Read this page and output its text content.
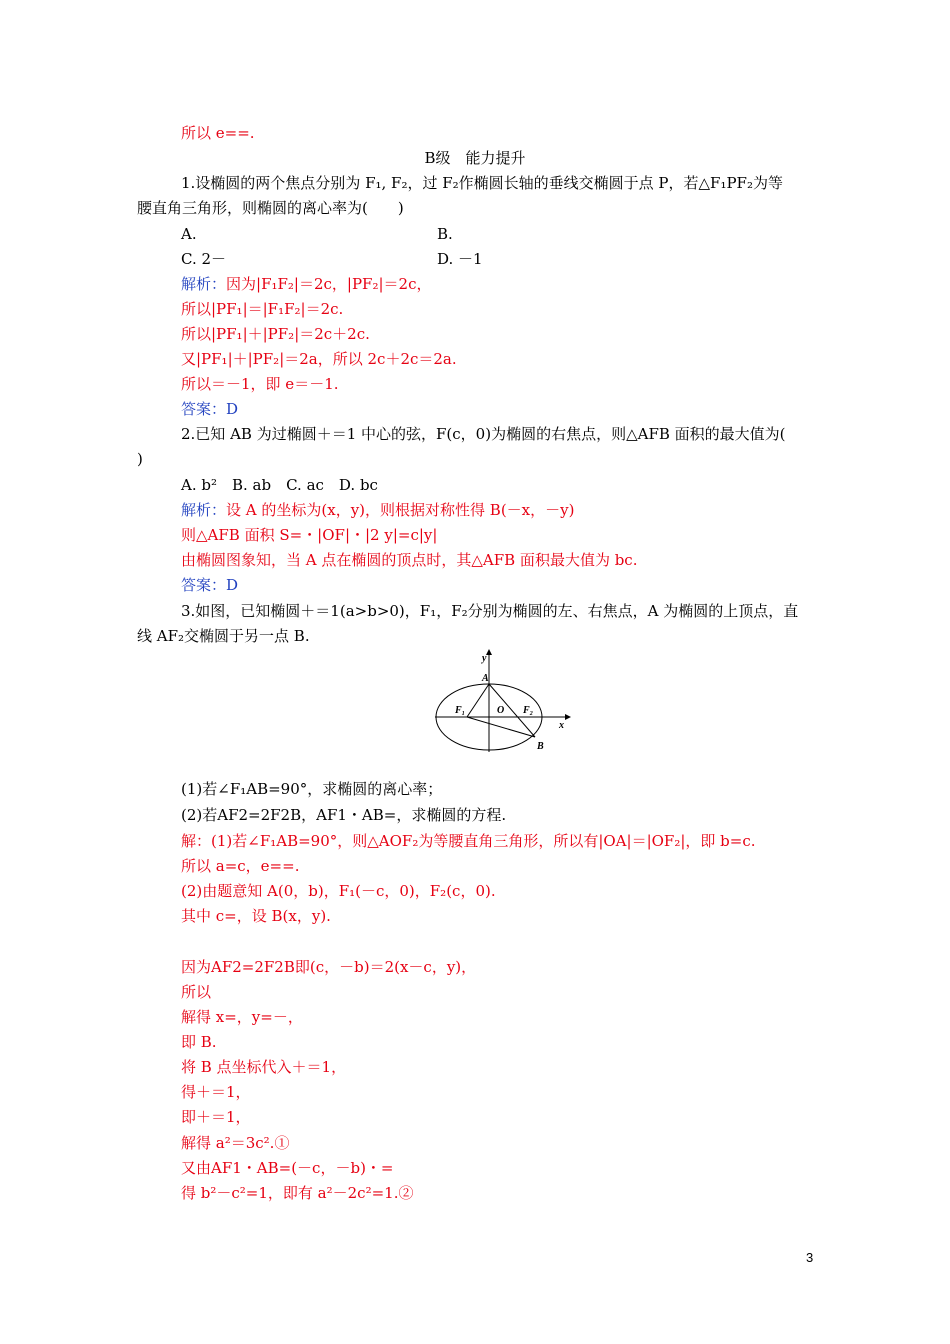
所以 e==.
B级　能力提升
1.设椭圆的两个焦点分别为 F₁, F₂，过 F₂作椭圆长轴的垂线交椭圆于点 P，若△F₁PF₂为等
腰直角三角形，则椭圆的离心率为(　　)
A.	B.
C. 2－	D. －1
解析：因为|F₁F₂|＝2c，|PF₂|＝2c，
所以|PF₁|＝|F₁F₂|＝2c.
所以|PF₁|＋|PF₂|＝2c＋2c.
又|PF₁|＋|PF₂|＝2a，所以 2c＋2c＝2a.
所以＝－1，即 e＝－1.
答案：D
2.已知 AB 为过椭圆＋＝1 中心的弦，F(c，0)为椭圆的右焦点，则△AFB 面积的最大值为(
)
A. b²　B. ab　C. ac　D. bc
解析：设 A 的坐标为(x，y)，则根据对称性得 B(－x，－y)
则△AFB 面积 S=・|OF|・|2 y|=c|y|
由椭圆图象知，当 A 点在椭圆的顶点时，其△AFB 面积最大值为 bc.
答案：D
3.如图，已知椭圆＋＝1(a>b>0)，F₁，F₂分别为椭圆的左、右焦点，A 为椭圆的上顶点，直
线 AF₂交椭圆于另一点 B.
y
x
A
B
O
F₁	F₂
(1)若∠F₁AB=90°，求椭圆的离心率；
(2)若AF2=2F2B，AF1・AB=，求椭圆的方程.
解：(1)若∠F₁AB=90°，则△AOF₂为等腰直角三角形，所以有|OA|＝|OF₂|，即 b=c.
所以 a=c，e==.
(2)由题意知 A(0，b)，F₁(－c，0)，F₂(c，0).
其中 c=，设 B(x，y).
因为AF2=2F2B即(c，－b)＝2(x－c，y)，
所以
解得 x=，y=－，
即 B.
将 B 点坐标代入＋＝1，
得＋＝1，
即＋＝1，
解得 a²＝3c².①
又由AF1・AB=(－c，－b)・=
得 b²－c²=1，即有 a²－2c²=1.②
3
